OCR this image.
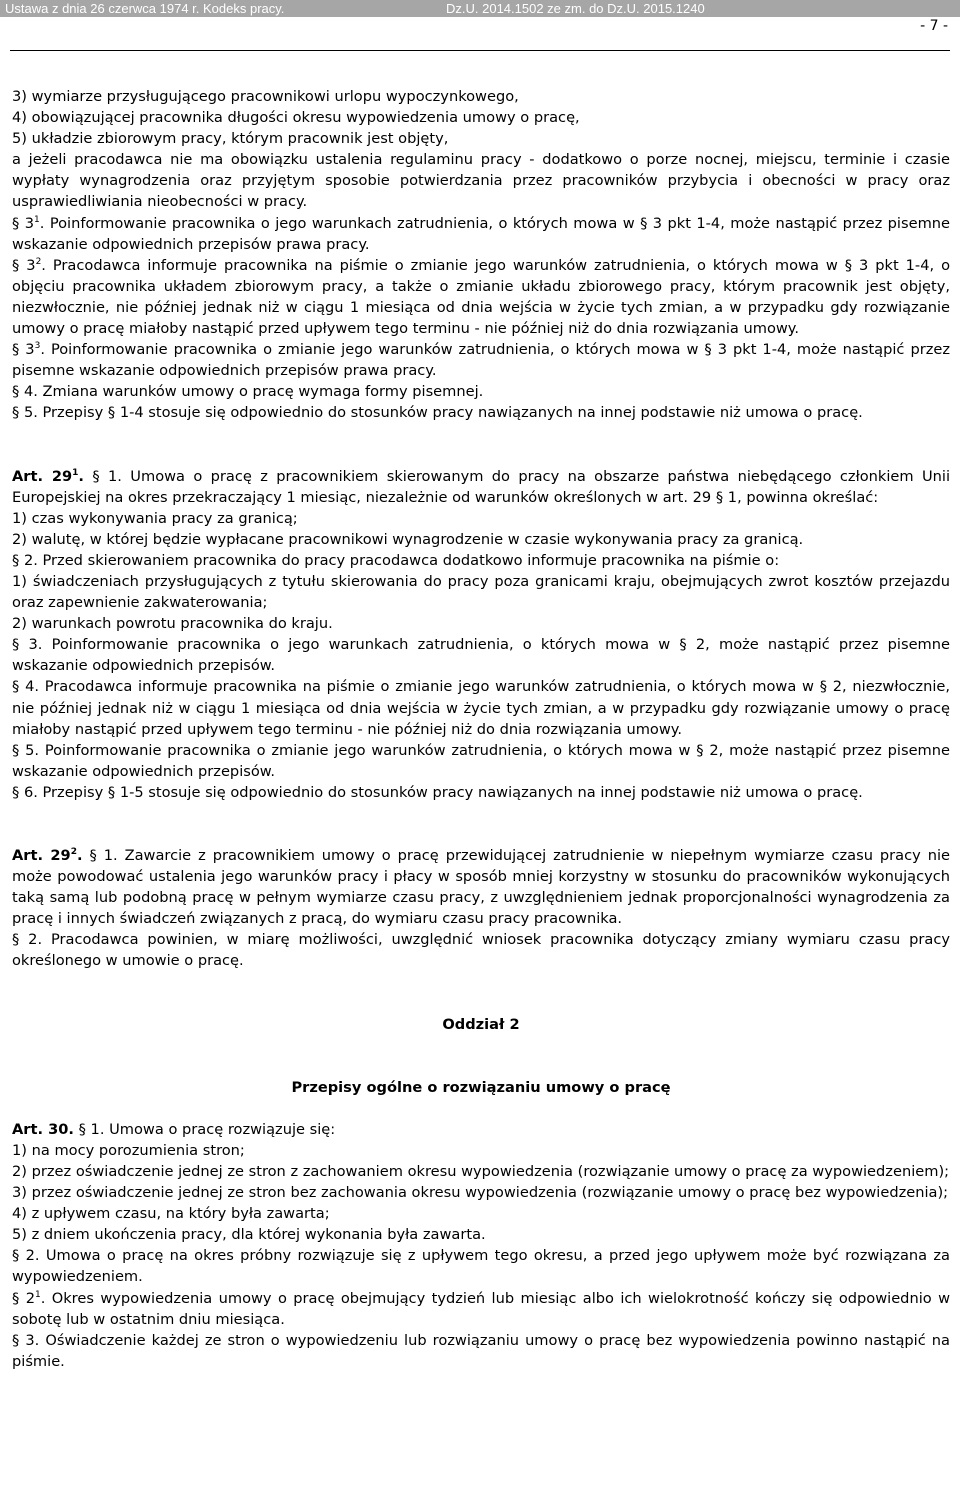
Ustawa z dnia 26 czerwca 1974 r. Kodeks pracy.	Dz.U. 2014.1502 ze zm. do Dz.U. 2015.1240
- 7 -

3) wymiarze przysługującego pracownikowi urlopu wypoczynkowego,

4) obowiązującej pracownika długości okresu wypowiedzenia umowy o pracę,

5) układzie zbiorowym pracy, którym pracownik jest objęty,

a jeżeli pracodawca nie ma obowiązku ustalenia regulaminu pracy - dodatkowo o porze nocnej, miejscu, terminie i czasie wypłaty wynagrodzenia oraz przyjętym sposobie potwierdzania przez pracowników przybycia i obecności w pracy oraz usprawiedliwiania nieobecności w pracy.

§ $3^1$. Poinformowanie pracownika o jego warunkach zatrudnienia, o których mowa w § 3 pkt 1-4, może nastąpić przez pisemne wskazanie odpowiednich przepisów prawa pracy.

§ $3^2$. Pracodawca informuje pracownika na piśmie o zmianie jego warunków zatrudnienia, o których mowa w § 3 pkt 1-4, o objęciu pracownika układem zbiorowym pracy, a także o zmianie układu zbiorowego pracy, którym pracownik jest objęty, niezwłocznie, nie później jednak niż w ciągu 1 miesiąca od dnia wejścia w życie tych zmian, a w przypadku gdy rozwiązanie umowy o pracę miałoby nastąpić przed upływem tego terminu - nie później niż do dnia rozwiązania umowy.

§ $3^3$. Poinformowanie pracownika o zmianie jego warunków zatrudnienia, o których mowa w § 3 pkt 1-4, może nastąpić przez pisemne wskazanie odpowiednich przepisów prawa pracy.

§ 4. Zmiana warunków umowy o pracę wymaga formy pisemnej.

§ 5. Przepisy § 1-4 stosuje się odpowiednio do stosunków pracy nawiązanych na innej podstawie niż umowa o pracę.

Art. $29^1$. § 1. Umowa o pracę z pracownikiem skierowanym do pracy na obszarze państwa niebędącego członkiem Unii Europejskiej na okres przekraczający 1 miesiąc, niezależnie od warunków określonych w art. 29 § 1, powinna określać:

1) czas wykonywania pracy za granicą;

2) walutę, w której będzie wypłacane pracownikowi wynagrodzenie w czasie wykonywania pracy za granicą.

§ 2. Przed skierowaniem pracownika do pracy pracodawca dodatkowo informuje pracownika na piśmie o:

1) świadczeniach przysługujących z tytułu skierowania do pracy poza granicami kraju, obejmujących zwrot kosztów przejazdu oraz zapewnienie zakwaterowania;

2) warunkach powrotu pracownika do kraju.

§ 3. Poinformowanie pracownika o jego warunkach zatrudnienia, o których mowa w § 2, może nastąpić przez pisemne wskazanie odpowiednich przepisów.

§ 4. Pracodawca informuje pracownika na piśmie o zmianie jego warunków zatrudnienia, o których mowa w § 2, niezwłocznie, nie później jednak niż w ciągu 1 miesiąca od dnia wejścia w życie tych zmian, a w przypadku gdy rozwiązanie umowy o pracę miałoby nastąpić przed upływem tego terminu - nie później niż do dnia rozwiązania umowy.

§ 5. Poinformowanie pracownika o zmianie jego warunków zatrudnienia, o których mowa w § 2, może nastąpić przez pisemne wskazanie odpowiednich przepisów.

§ 6. Przepisy § 1-5 stosuje się odpowiednio do stosunków pracy nawiązanych na innej podstawie niż umowa o pracę.

Art. $29^2$. § 1. Zawarcie z pracownikiem umowy o pracę przewidującej zatrudnienie w niepełnym wymiarze czasu pracy nie może powodować ustalenia jego warunków pracy i płacy w sposób mniej korzystny w stosunku do pracowników wykonujących taką samą lub podobną pracę w pełnym wymiarze czasu pracy, z uwzględnieniem jednak proporcjonalności wynagrodzenia za pracę i innych świadczeń związanych z pracą, do wymiaru czasu pracy pracownika.

§ 2. Pracodawca powinien, w miarę możliwości, uwzględnić wniosek pracownika dotyczący zmiany wymiaru czasu pracy określonego w umowie o pracę.

Oddział 2

Przepisy ogólne o rozwiązaniu umowy o pracę

Art. 30. § 1. Umowa o pracę rozwiązuje się:

1) na mocy porozumienia stron;

2) przez oświadczenie jednej ze stron z zachowaniem okresu wypowiedzenia (rozwiązanie umowy o pracę za wypowiedzeniem);

3) przez oświadczenie jednej ze stron bez zachowania okresu wypowiedzenia (rozwiązanie umowy o pracę bez wypowiedzenia);

4) z upływem czasu, na który była zawarta;

5) z dniem ukończenia pracy, dla której wykonania była zawarta.

§ 2. Umowa o pracę na okres próbny rozwiązuje się z upływem tego okresu, a przed jego upływem może być rozwiązana za wypowiedzeniem.

§ $2^1$. Okres wypowiedzenia umowy o pracę obejmujący tydzień lub miesiąc albo ich wielokrotność kończy się odpowiednio w sobotę lub w ostatnim dniu miesiąca.

§ 3. Oświadczenie każdej ze stron o wypowiedzeniu lub rozwiązaniu umowy o pracę bez wypowiedzenia powinno nastąpić na piśmie.
